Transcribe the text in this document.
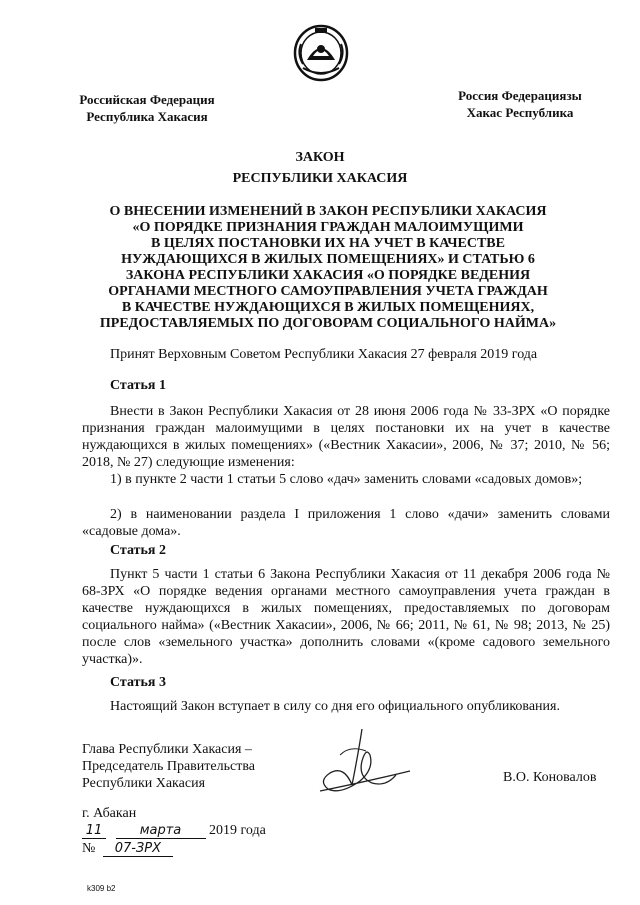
Российская Федерация
Республика Хакасия
Россия Федерациязы
Хакас Республика
ЗАКОН
РЕСПУБЛИКИ ХАКАСИЯ
О ВНЕСЕНИИ ИЗМЕНЕНИЙ В ЗАКОН РЕСПУБЛИКИ ХАКАСИЯ
«О ПОРЯДКЕ ПРИЗНАНИЯ ГРАЖДАН МАЛОИМУЩИМИ
В ЦЕЛЯХ ПОСТАНОВКИ ИХ НА УЧЕТ В КАЧЕСТВЕ
НУЖДАЮЩИХСЯ В ЖИЛЫХ ПОМЕЩЕНИЯХ» И СТАТЬЮ 6
ЗАКОНА РЕСПУБЛИКИ ХАКАСИЯ «О ПОРЯДКЕ ВЕДЕНИЯ
ОРГАНАМИ МЕСТНОГО САМОУПРАВЛЕНИЯ УЧЕТА ГРАЖДАН
В КАЧЕСТВЕ НУЖДАЮЩИХСЯ В ЖИЛЫХ ПОМЕЩЕНИЯХ,
ПРЕДОСТАВЛЯЕМЫХ ПО ДОГОВОРАМ СОЦИАЛЬНОГО НАЙМА»
Принят Верховным Советом Республики Хакасия 27 февраля 2019 года
Статья 1
Внести в Закон Республики Хакасия от 28 июня 2006 года № 33-ЗРХ «О порядке признания граждан малоимущими в целях постановки их на учет в качестве нуждающихся в жилых помещениях» («Вестник Хакасии», 2006, № 37; 2010, № 56; 2018, № 27) следующие изменения:
1) в пункте 2 части 1 статьи 5 слово «дач» заменить словами «садовых домов»;
2) в наименовании раздела I приложения 1 слово «дачи» заменить словами «садовые дома».
Статья 2
Пункт 5 части 1 статьи 6 Закона Республики Хакасия от 11 декабря 2006 года № 68-ЗРХ «О порядке ведения органами местного самоуправления учета граждан в качестве нуждающихся в жилых помещениях, предоставляемых по договорам социального найма» («Вестник Хакасии», 2006, № 66; 2011, № 61, № 98; 2013, № 25) после слов «земельного участка» дополнить словами «(кроме садового земельного участка)».
Статья 3
Настоящий Закон вступает в силу со дня его официального опубликования.
Глава Республики Хакасия –
Председатель Правительства
Республики Хакасия	В.О. Коновалов
г. Абакан
11	марта 2019 года
№ 07-ЗРХ
k309 b2
